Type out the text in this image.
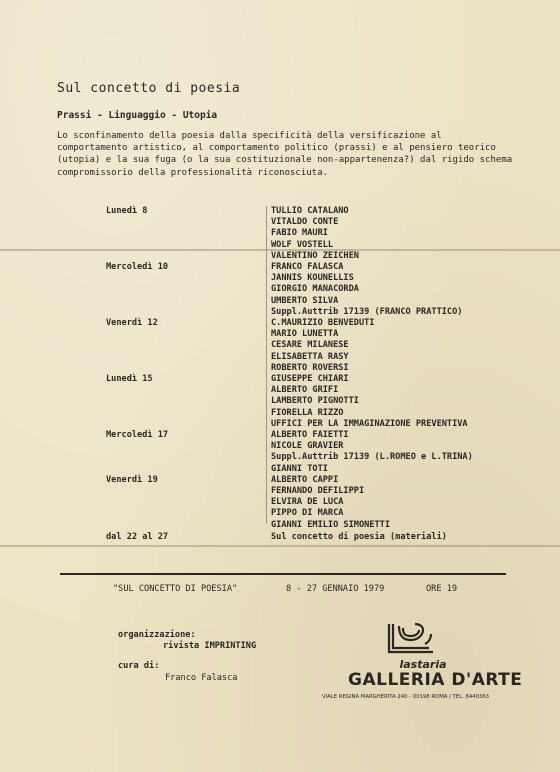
Sul concetto di poesia
Prassi - Linguaggio - Utopia
Lo sconfinamento della poesia dalla specificità della versificazione al comportamento artistico, al comportamento politico (prassi) e al pensiero teorico (utopia) e la sua fuga (o la sua costituzionale non-appartenenza?) dal rigido schema compromissorio della professionalità riconosciuta.
Lunedì 8	TULLIO CATALANO
VITALDO CONTE
FABIO MAURI
WOLF VOSTELL
VALENTINO ZEICHEN
Mercoledì 10	FRANCO FALASCA
JANNIS KOUNELLIS
GIORGIO MANACORDA
UMBERTO SILVA
Suppl.Auttrib 17139 (FRANCO PRATTICO)
Venerdì 12	C.MAURIZIO BENVEDUTI
MARIO LUNETTA
CESARE MILANESE
ELISABETTA RASY
ROBERTO ROVERSI
Lunedì 15	GIUSEPPE CHIARI
ALBERTO GRIFI
LAMBERTO PIGNOTTI
FIORELLA RIZZO
UFFICI PER LA IMMAGINAZIONE PREVENTIVA
Mercoledì 17	ALBERTO FAIETTI
NICOLE GRAVIER
Suppl.Auttrib 17139 (L.ROMEO e L.TRINA)
GIANNI TOTI
Venerdì 19	ALBERTO CAPPI
FERNANDO DEFILIPPI
ELVIRA DE LUCA
PIPPO DI MARCA
GIANNI EMILIO SIMONETTI
dal 22 al 27	Sul concetto di poesia (materiali)
"SUL CONCETTO DI POESIA"	8 - 27 GENNAIO 1979	ORE 19
organizzazione:
rivista IMPRINTING
cura di:
Franco Falasca
lastaria
GALLERIA D'ARTE
VIALE REGINA MARGHERITA 240 - 00198 ROMA / TEL. 8440363
